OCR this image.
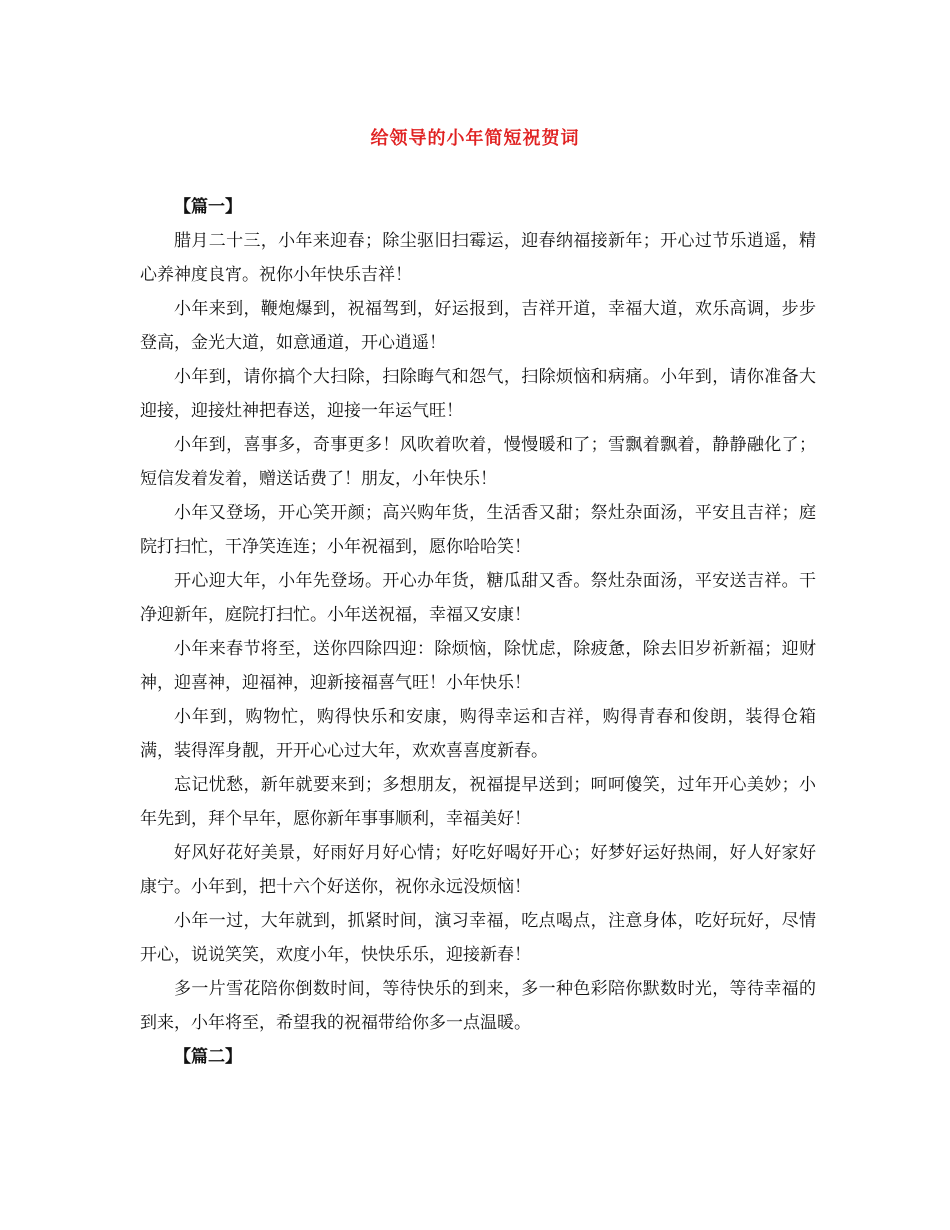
给领导的小年简短祝贺词
【篇一】

腊月二十三，小年来迎春；除尘驱旧扫霉运，迎春纳福接新年；开心过节乐逍遥，精心养神度良宵。祝你小年快乐吉祥！

小年来到，鞭炮爆到，祝福驾到，好运报到，吉祥开道，幸福大道，欢乐高调，步步登高，金光大道，如意通道，开心逍遥！

小年到，请你搞个大扫除，扫除晦气和怨气，扫除烦恼和病痛。小年到，请你准备大迎接，迎接灶神把春送，迎接一年运气旺！

小年到，喜事多，奇事更多！风吹着吹着，慢慢暖和了；雪飘着飘着，静静融化了；短信发着发着，赠送话费了！朋友，小年快乐！

小年又登场，开心笑开颜；高兴购年货，生活香又甜；祭灶杂面汤，平安且吉祥；庭院打扫忙，干净笑连连；小年祝福到，愿你哈哈笑！

开心迎大年，小年先登场。开心办年货，糖瓜甜又香。祭灶杂面汤，平安送吉祥。干净迎新年，庭院打扫忙。小年送祝福，幸福又安康！

小年来春节将至，送你四除四迎：除烦恼，除忧虑，除疲惫，除去旧岁祈新福；迎财神，迎喜神，迎福神，迎新接福喜气旺！小年快乐！

小年到，购物忙，购得快乐和安康，购得幸运和吉祥，购得青春和俊朗，装得仓箱满，装得浑身靓，开开心心过大年，欢欢喜喜度新春。

忘记忧愁，新年就要来到；多想朋友，祝福提早送到；呵呵傻笑，过年开心美妙；小年先到，拜个早年，愿你新年事事顺利，幸福美好！

好风好花好美景，好雨好月好心情；好吃好喝好开心；好梦好运好热闹，好人好家好康宁。小年到，把十六个好送你，祝你永远没烦恼！

小年一过，大年就到，抓紧时间，演习幸福，吃点喝点，注意身体，吃好玩好，尽情开心，说说笑笑，欢度小年，快快乐乐，迎接新春！

多一片雪花陪你倒数时间，等待快乐的到来，多一种色彩陪你默数时光，等待幸福的到来，小年将至，希望我的祝福带给你多一点温暖。

【篇二】
